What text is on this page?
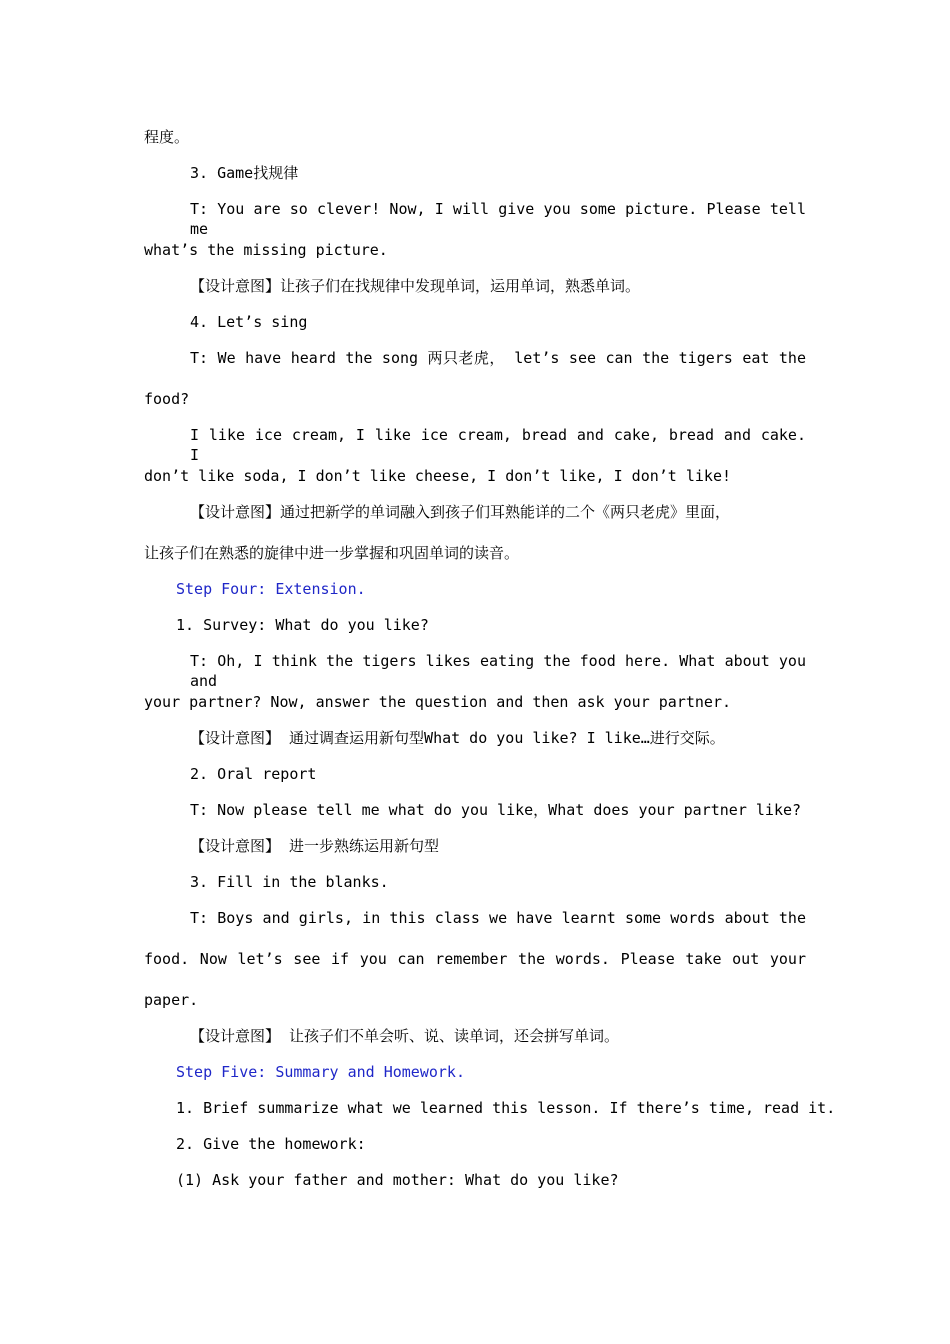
程度。

3. Game找规律

T: You are so clever! Now, I will give you some picture. Please tell me

what’s the missing picture.

【设计意图】让孩子们在找规律中发现单词，运用单词，熟悉单词。

4. Let’s sing

T: We have heard the song 两只老虎， let’s see can the tigers eat the

food?

I like ice cream, I like ice cream, bread and cake, bread and cake. I

don’t like soda, I don’t like cheese, I don’t like, I don’t like!

【设计意图】通过把新学的单词融入到孩子们耳熟能详的二个《两只老虎》里面，

让孩子们在熟悉的旋律中进一步掌握和巩固单词的读音。

Step Four: Extension.

1. Survey: What do you like?

T: Oh, I think the tigers likes eating the food here. What about you and

your partner? Now, answer the question and then ask your partner.

【设计意图】 通过调查运用新句型What do you like? I like…进行交际。

2. Oral report

T: Now please tell me what do you like，What does your partner like?

【设计意图】 进一步熟练运用新句型

3. Fill in the blanks.

T: Boys and girls, in this class we have learnt some words about the

food. Now let’s see if you can remember the words. Please take out your

paper.

【设计意图】 让孩子们不单会听、说、读单词，还会拼写单词。

Step Five: Summary and Homework.

1. Brief summarize what we learned this lesson. If there’s time, read it.

2. Give the homework:

(1) Ask your father and mother: What do you like?
